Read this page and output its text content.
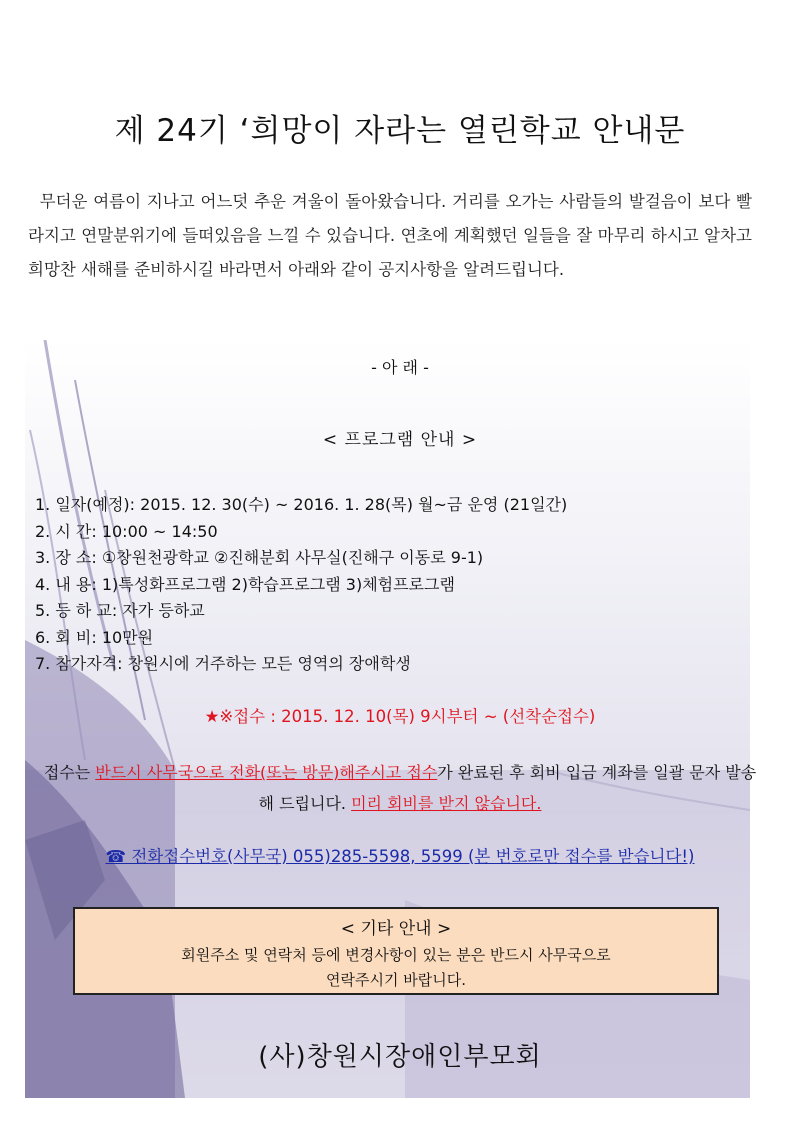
제 24기 ‘희망이 자라는 열린학교 안내문
무더운 여름이 지나고 어느덧 추운 겨울이 돌아왔습니다. 거리를 오가는 사람들의 발걸음이 보다 빨라지고 연말분위기에 들떠있음을 느낄 수 있습니다. 연초에 계획했던 일들을 잘 마무리 하시고 알차고 희망찬 새해를 준비하시길 바라면서 아래와 같이 공지사항을 알려드립니다.
- 아 래 -
< 프로그램 안내 >
1. 일자(예정): 2015. 12. 30(수) ~ 2016. 1. 28(목) 월~금 운영 (21일간)
2. 시 간: 10:00 ~ 14:50
3. 장 소: ①창원천광학교 ②진해분회 사무실(진해구 이동로 9-1)
4. 내 용: 1)특성화프로그램 2)학습프로그램 3)체험프로그램
5. 등 하 교: 자가 등하교
6. 회 비: 10만원
7. 참가자격: 창원시에 거주하는 모든 영역의 장애학생
★※접수 : 2015. 12. 10(목) 9시부터 ~ (선착순접수)
접수는 반드시 사무국으로 전화(또는 방문)해주시고 접수가 완료된 후 회비 입금 계좌를 일괄 문자 발송 해 드립니다. 미리 회비를 받지 않습니다.
☎ 전화접수번호(사무국) 055)285-5598, 5599 (본 번호로만 접수를 받습니다!)
< 기타 안내 >
회원주소 및 연락처 등에 변경사항이 있는 분은 반드시 사무국으로
연락주시기 바랍니다.
(사)창원시장애인부모회
